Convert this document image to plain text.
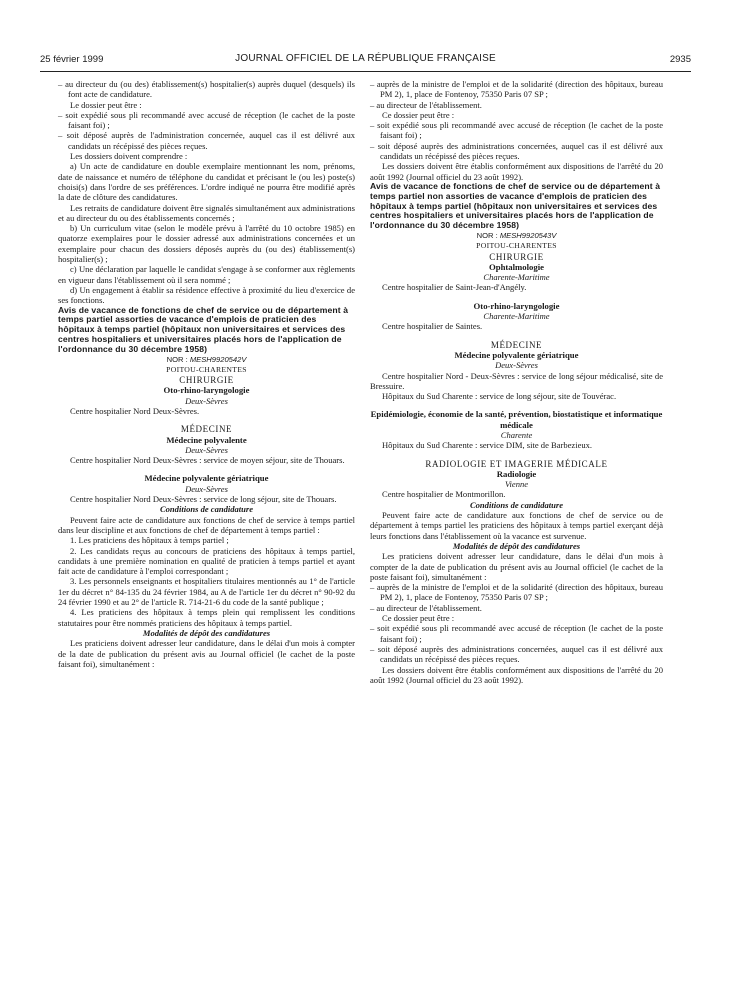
25 février 1999	JOURNAL OFFICIEL DE LA RÉPUBLIQUE FRANÇAISE	2935

– au directeur du (ou des) établissement(s) hospitalier(s) auprès duquel (desquels) ils font acte de candidature.

Le dossier peut être :

– soit expédié sous pli recommandé avec accusé de réception (le cachet de la poste faisant foi) ;

– soit déposé auprès de l'administration concernée, auquel cas il est délivré aux candidats un récépissé des pièces reçues.

Les dossiers doivent comprendre :

a) Un acte de candidature en double exemplaire mentionnant les nom, prénoms, date de naissance et numéro de téléphone du candidat et précisant le (ou les) poste(s) choisi(s) dans l'ordre de ses préférences. L'ordre indiqué ne pourra être modifié après la date de clôture des candidatures.

Les retraits de candidature doivent être signalés simultanément aux administrations et au directeur du ou des établissements concernés ;

b) Un curriculum vitae (selon le modèle prévu à l'arrêté du 10 octobre 1985) en quatorze exemplaires pour le dossier adressé aux administrations concernées et un exemplaire pour chacun des dossiers déposés auprès du (ou des) établissement(s) hospitalier(s) ;

c) Une déclaration par laquelle le candidat s'engage à se conformer aux règlements en vigueur dans l'établissement où il sera nommé ;

d) Un engagement à établir sa résidence effective à proximité du lieu d'exercice de ses fonctions.

Avis de vacance de fonctions de chef de service ou de département à temps partiel assorties de vacance d'emplois de praticien des hôpitaux à temps partiel (hôpitaux non universitaires et services des centres hospitaliers et universitaires placés hors de l'application de l'ordonnance du 30 décembre 1958)

NOR : MESH9920542V

POITOU-CHARENTES

CHIRURGIE

Oto-rhino-laryngologie

Deux-Sèvres

Centre hospitalier Nord Deux-Sèvres.

MÉDECINE

Médecine polyvalente

Deux-Sèvres

Centre hospitalier Nord Deux-Sèvres : service de moyen séjour, site de Thouars.

Médecine polyvalente gériatrique

Deux-Sèvres

Centre hospitalier Nord Deux-Sèvres : service de long séjour, site de Thouars.

Conditions de candidature

Peuvent faire acte de candidature aux fonctions de chef de service à temps partiel dans leur discipline et aux fonctions de chef de département à temps partiel :

1. Les praticiens des hôpitaux à temps partiel ;

2. Les candidats reçus au concours de praticiens des hôpitaux à temps partiel, candidats à une première nomination en qualité de praticien à temps partiel et ayant fait acte de candidature à l'emploi correspondant ;

3. Les personnels enseignants et hospitaliers titulaires mentionnés au 1° de l'article 1er du décret n° 84-135 du 24 février 1984, au A de l'article 1er du décret n° 90-92 du 24 février 1990 et au 2° de l'article R. 714-21-6 du code de la santé publique ;

4. Les praticiens des hôpitaux à temps plein qui remplissent les conditions statutaires pour être nommés praticiens des hôpitaux à temps partiel.

Modalités de dépôt des candidatures

Les praticiens doivent adresser leur candidature, dans le délai d'un mois à compter de la date de publication du présent avis au Journal officiel (le cachet de la poste faisant foi), simultanément :

– auprès de la ministre de l'emploi et de la solidarité (direction des hôpitaux, bureau PM 2), 1, place de Fontenoy, 75350 Paris 07 SP ;

– au directeur de l'établissement.

Ce dossier peut être :

– soit expédié sous pli recommandé avec accusé de réception (le cachet de la poste faisant foi) ;

– soit déposé auprès des administrations concernées, auquel cas il est délivré aux candidats un récépissé des pièces reçues.

Les dossiers doivent être établis conformément aux dispositions de l'arrêté du 20 août 1992 (Journal officiel du 23 août 1992).

Avis de vacance de fonctions de chef de service ou de département à temps partiel non assorties de vacance d'emplois de praticien des hôpitaux à temps partiel (hôpitaux non universitaires et services des centres hospitaliers et universitaires placés hors de l'application de l'ordonnance du 30 décembre 1958)

NOR : MESH9920543V

POITOU-CHARENTES

CHIRURGIE

Ophtalmologie

Charente-Maritime

Centre hospitalier de Saint-Jean-d'Angély.

Oto-rhino-laryngologie

Charente-Maritime

Centre hospitalier de Saintes.

MÉDECINE

Médecine polyvalente gériatrique

Deux-Sèvres

Centre hospitalier Nord - Deux-Sèvres : service de long séjour médicalisé, site de Bressuire.

Hôpitaux du Sud Charente : service de long séjour, site de Touvérac.

Epidémiologie, économie de la santé, prévention, biostatistique et informatique médicale

Charente

Hôpitaux du Sud Charente : service DIM, site de Barbezieux.

RADIOLOGIE ET IMAGERIE MÉDICALE

Radiologie

Vienne

Centre hospitalier de Montmorillon.

Conditions de candidature

Peuvent faire acte de candidature aux fonctions de chef de service ou de département à temps partiel les praticiens des hôpitaux à temps partiel exerçant déjà leurs fonctions dans l'établissement où la vacance est survenue.

Modalités de dépôt des candidatures

Les praticiens doivent adresser leur candidature, dans le délai d'un mois à compter de la date de publication du présent avis au Journal officiel (le cachet de la poste faisant foi), simultanément :

– auprès de la ministre de l'emploi et de la solidarité (direction des hôpitaux, bureau PM 2), 1, place de Fontenoy, 75350 Paris 07 SP ;

– au directeur de l'établissement.

Ce dossier peut être :

– soit expédié sous pli recommandé avec accusé de réception (le cachet de la poste faisant foi) ;

– soit déposé auprès des administrations concernées, auquel cas il est délivré aux candidats un récépissé des pièces reçues.

Les dossiers doivent être établis conformément aux dispositions de l'arrêté du 20 août 1992 (Journal officiel du 23 août 1992).
